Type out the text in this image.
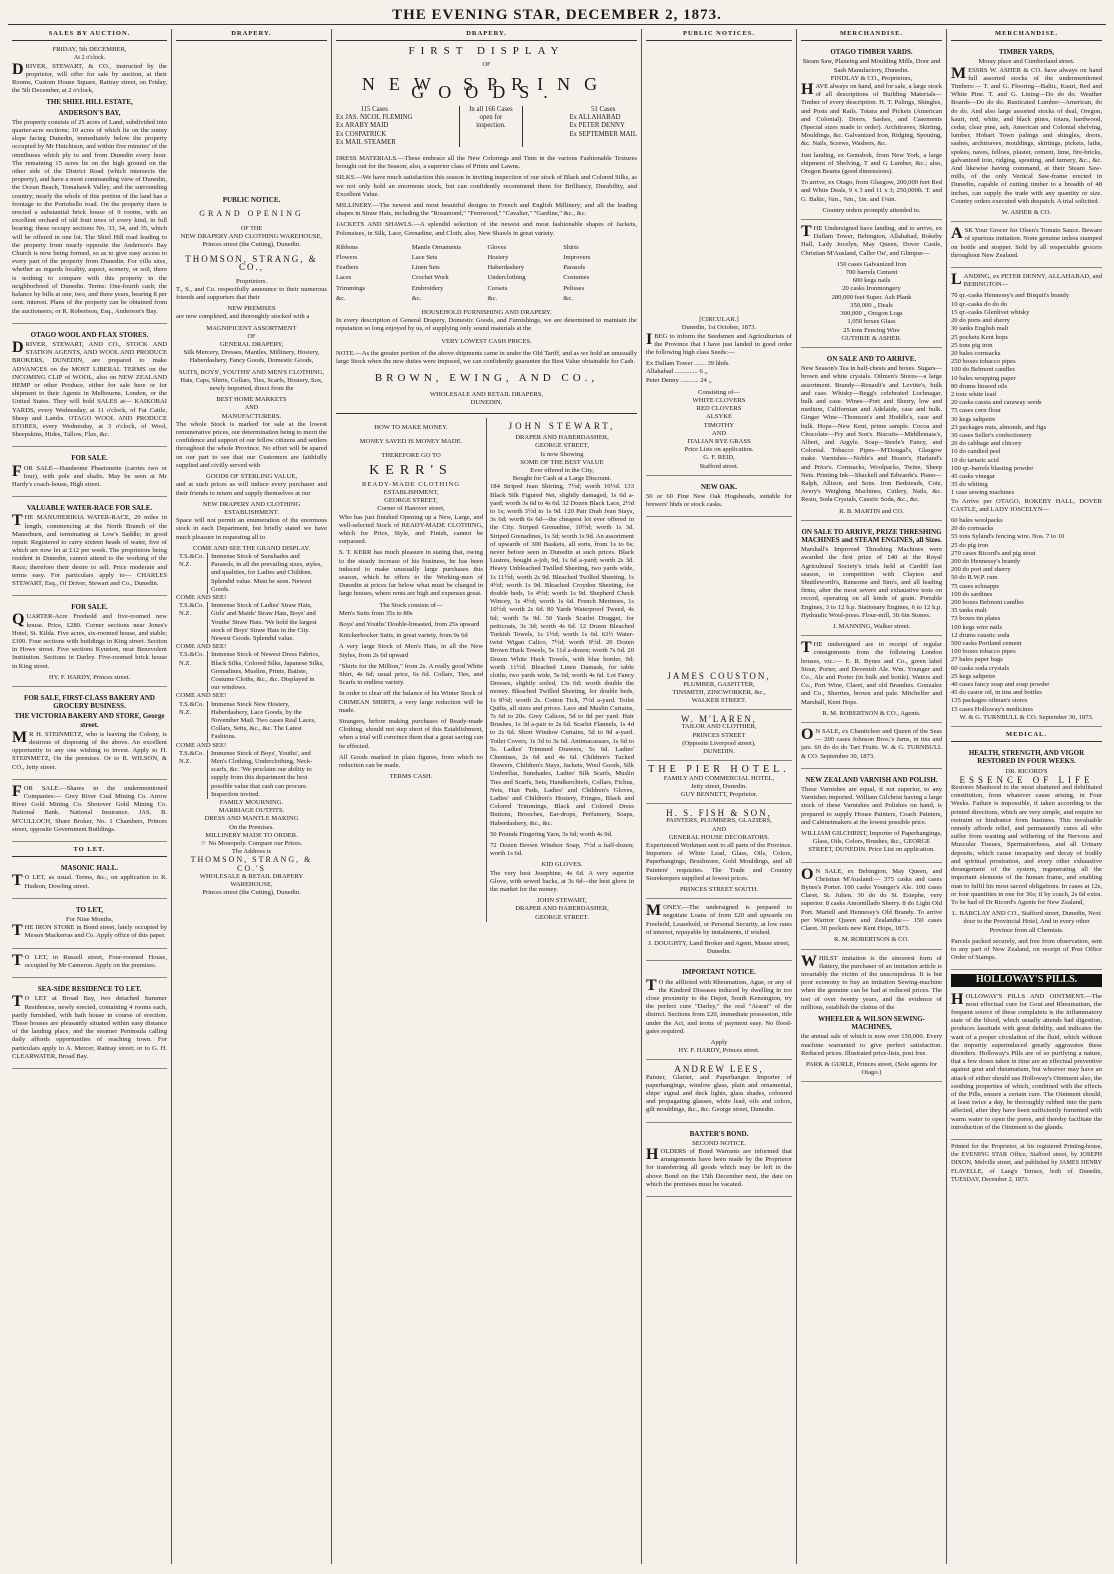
THE EVENING STAR, DECEMBER 2, 1873.
SALES BY AUCTION.
FRIDAY, 5th DECEMBER,
At 2 o'clock.

DRIVER, STEWART, & CO., instructed by the proprietor, will offer for sale by auction, at their Rooms, Custom House Square, Rattray street, on Friday, the 5th December, at 2 o'clock,

THE SHIEL HILL ESTATE,
ANDERSON'S BAY,

The property consists of 25 acres of Land, subdivided into quarter-acre sections; 10 acres of which lie on the sunny slope facing Dunedin, immediately below the property occupied by Mr Hutchison, and within five minutes' of the omnibuses which ply to and from Dunedin every hour. The remaining 15 acres lie on the high ground on the other side of the District Road (which intersects the property), and have a most commanding view of Dunedin, the Ocean Beach, Tomahawk Valley, and the surrounding country; nearly the whole of this portion of the land has a frontage to the Portobello road. On the property there is erected a substantial brick house of 9 rooms, with an excellent orchard of old fruit trees of every kind, in full bearing; these occupy sections No. 33, 34, and 35, which will be offered in one lot. The Shiel Hill road leading to the property from nearly opposite the Anderson's Bay Church is now being formed, so as to give easy access to every part of the property from Dunedin. For villa sites, whether as regards locality, aspect, scenery, or soil, there is nothing to compare with this property in the neighborhood of Dunedin. Terms: One-fourth cash; the balance by bills at one, two, and three years, bearing 8 per cent. interest. Plans of the property can be obtained from the auctioneers; or R. Robertson, Esq., Anderson's Bay.

OTAGO WOOL AND FLAX STORES.

DRIVER, STEWART, AND CO., STOCK AND STATION AGENTS, AND WOOL AND PRODUCE BROKERS, DUNEDIN, are prepared to make ADVANCES on the MOST LIBERAL TERMS on the INCOMING CLIP of WOOL, also on NEW ZEALAND HEMP or other Produce, either for sale here or for shipment to their Agents in Melbourne, London, or the United States. They will hold SALES at— KAIKORAI YARDS, every Wednesday, at 11 o'clock, of Fat Cattle, Sheep and Lambs. OTAGO WOOL AND PRODUCE STORES, every Wednesday, at 3 o'clock, of Wool, Sheepskins, Hides, Tallow, Flax, &c.

FOR SALE.

FOR SALE—Handsome Phaetonette (carries two or four), with pole and shafts. May be seen at Mr Hardy's coach-house, High street.

VALUABLE WATER-RACE FOR SALE.

THE MANUHERIKIA WATER-RACE, 20 miles in length, commencing at the North Branch of the Manorburn, and terminating at Low's Saddle; in good repair. Registered to carry sixteen heads of water, five of which are now let at £12 per week. The proprietors being resident in Dunedin, cannot attend to the working of the Race; therefore their desire to sell. Price moderate and terms easy. For particulars apply to— CHARLES STEWART, Esq., Of Driver, Stewart and Co., Dunedin.

FOR SALE.

QUARTER-Acre Freehold and five-roomed new house. Price, £280. Corner sections near Jones's Hotel, St. Kilda. Five acres, six-roomed house, and stable; £300. Four sections with buildings in King street. Section in Howe street. Five sections Kyneton, near Benevolent Institution. Sections in Darley. Five-roomed brick house in King street.

HY. F. HARDY, Princes street.
FOR SALE, FIRST-CLASS BAKERY AND GROCERY BUSINESS.
THE VICTORIA BAKERY AND STORE, George street.

MR H. STEINMETZ, who is leaving the Colony, is desirous of disposing of the above. An excellent opportunity to any one wishing to invest. Apply to H. STEINMETZ, On the premises. Or to R. WILSON, & CO., Jetty street.

FOR SALE.—Shares in the undermentioned Companies:— Grey River Coal Mining Co. Arrow River Gold Mining Co. Shotover Gold Mining Co. National Bank. National Insurance. JAS. B. M'CULLOCH, Share Broker, No. 1 Chambers, Princes street, opposite Government Buildings.

TO LET.
MASONIC HALL.

TO LET, as usual. Terms, &c., on application to R. Hudson, Dowling street.

TO LET,
For Nine Months,

THE IRON STORE in Bond street, lately occupied by Messrs Mackerras and Co. Apply office of this paper.

TO LET, in Russell street, Four-roomed House, occupied by Mr Cameron. Apply on the premises.

SEA-SIDE RESIDENCE TO LET.

TO LET at Broad Bay, two detached Summer Residences, newly erected, containing 4 rooms each, partly furnished, with bath house in course of erection. These houses are pleasantly situated within easy distance of the landing place, and the steamer Peninsula calling daily affords opportunities of reaching town. For particulars apply to A. Mercer, Rattray street; or to G. H. CLEARWATER, Broad Bay.

DRAPERY.
PUBLIC NOTICE.
GRAND OPENING
OF THE
NEW DRAPERY AND CLOTHING WAREHOUSE,
Princes street (the Cutting), Dunedin.
THOMSON, STRANG, & CO.,
Proprietors.

T., S., and Co. respectfully announce to their numerous friends and supporters that their

NEW PREMISES

are now completed, and thoroughly stocked with a

MAGNIFICENT ASSORTMENT
OF
GENERAL DRAPERY,

Silk Mercery, Dresses, Mantles, Millinery, Hosiery, Haberdashery, Fancy Goods, Domestic Goods,

SUITS, BOYS', YOUTHS' AND MEN'S CLOTHING,

Hats, Caps, Shirts, Collars, Ties, Scarfs, Hosiery, Sox, newly imported, direct from the

BEST HOME MARKETS
AND
MANUFACTURERS.

The whole Stock is marked for sale at the lowest remunerative prices, our determination being to merit the confidence and support of our fellow citizens and settlers throughout the whole Province. No effort will be spared on our part to see that our Customers are faithfully supplied and civilly served with

GOODS OF STERLING VALUE,

and at such prices as will induce every purchaser and their friends to return and supply themselves at our

NEW DRAPERY AND CLOTHING ESTABLISHMENT.

Space will not permit an enumeration of the enormous stock in each Department, but briefly stated we have much pleasure in requesting all to

COME AND SEE THE GRAND DISPLAY.
T.S.&Co. N.Z.
Immense Stock of Sunshades and Parasols, in all the prevailing sizes, styles, and qualities, for Ladies and Children. Splendid value. Must be seen. Newest Goods.
COME AND SEE!
T.S.&Co. N.Z.
Immense Stock of Ladies' Straw Hats, Girls' and Maids' Straw Hats, Boys' and Youths' Straw Hats. 'We hold the largest stock of Boys' Straw Hats in the City. Newest Goods. Splendid value.
COME AND SEE!
T.S.&Co. N.Z.
Immense Stock of Newest Dress Fabrics, Black Silks, Colored Silks, Japanese Silks, Grenadines, Muslins, Prints, Batiste, Costume Cloths, &c., &c. Displayed in our windows.
COME AND SEE!
T.S.&Co. N.Z.
Immense Stock New Hosiery, Haberdashery, Lace Goods, by the November Mail. Two cases Real Laces, Collars, Setts, &c., &c. The Latest Fashions.
COME AND SEE!
T.S.&Co. N.Z.
Immense Stock of Boys', Youths', and Men's Clothing, Underclothing, Neck-scarfs, &c. 'We proclaim our ability to supply from this department the best possible value that cash can procure. Inspection invited.
FAMILY MOURNING.
MARRIAGE OUTFITS.
DRESS AND MANTLE MAKING
On the Premises.
MILLINERY MADE TO ORDER.
☞ No Monopoly. Compare our Prices.
The Address is
THOMSON, STRANG, & CO.'S
WHOLESALE & RETAIL DRAPERY
WAREHOUSE,
Princes street (the Cutting), Dunedin.
DRAPERY.
FIRST DISPLAY
OF
NEW SPRING GOODS.
115 Cases
Ex JAS. NICOL FLEMING
Ex ARABY MAID
Ex COSPATRICK
Ex MAIL STEAMER
In all 166 Cases open for inspection.
51 Cases
Ex ALLAHABAD
Ex PETER DENNY
Ex SEPTEMBER MAIL

DRESS MATERIALS.—These embrace all the New Colorings and Tints in the various Fashionable Textures brought out for the Season; also, a superior class of Prints and Lawns.

SILKS.—We have much satisfaction this season in inviting inspection of our stock of Black and Colored Silks, as we not only hold an enormous stock, but can confidently recommend them for Brilliancy, Durability, and Excellent Value.

MILLINERY.—The newest and most beautiful designs in French and English Millinery; and all the leading shapes in Straw Hats, including the "Rosamond," "Fernwood," "Cavalier," "Gardine," &c., &c.

JACKETS AND SHAWLS.—A splendid selection of the newest and most fashionable shapes of Jackets, Polonaises, in Silk, Lace, Grenadine, and Cloth; also, New Shawls in great variety.

Ribbons	Mantle Ornaments	Gloves	Shirts
Flowers	Lace Sets	Hosiery	Improvers
Feathers	Linen Sets	Haberdashery	Parasols
Laces	Crochet Work	Underclothing	Costumes
Trimmings	Embroidery	Corsets	Pelisses
&c.	&c.	&c.	&c.
HOUSEHOLD FURNISHING AND DRAPERY.

In every description of General Drapery, Domestic Goods, and Furnishings, we are determined to maintain the reputation so long enjoyed by us, of supplying only sound materials at the

VERY LOWEST CASH PRICES.

NOTE.—As the greater portion of the above shipments came in under the Old Tariff, and as we hold an unusually large Stock when the new duties were imposed, we can confidently guarantee the Best Value obtainable for Cash.

BROWN, EWING, AND CO.,
WHOLESALE AND RETAIL DRAPERS,
DUNEDIN.
HOW TO MAKE MONEY.
MONEY SAVED IS MONEY MADE.
THEREFORE GO TO
KERR'S
READY-MADE CLOTHING
ESTABLISHMENT,
GEORGE STREET,
Corner of Hanover street,

Who has just finished Opening up a New, Large, and well-selected Stock of READY-MADE CLOTHING, which for Price, Style, and Finish, cannot be surpassed.

S. T. KERR has much pleasure in stating that, owing to the steady increase of his business, he has been induced to make unusually large purchases this season, which he offers to the Working-men of Dunedin at prices far below what must be charged in large houses, where rents are high and expenses great.

The Stock consists of—

Men's Suits from 35s to 80s

Boys' and Youths' Double-breasted, from 25s upward

Knickerbocker Suits, in great variety, from 9s 6d

A very large Stock of Men's Hats, in all the New Styles, from 2s 6d upward

"Shirts for the Million," from 2s. A really good White Shirt, 4s 6d; usual price, 6s 6d. Collars, Ties, and Scarfs in endless variety.

In order to clear off the balance of his Winter Stock of CRIMEAN SHIRTS, a very large reduction will be made.

Strangers, before making purchases of Ready-made Clothing, should not step short of this Establishment, when a trial will convince them that a great saving can be effected.

All Goods marked in plain figures, from which no reduction can be made.

TERMS CASH.
JOHN STEWART,
DRAPER AND HABERDASHER,
GEORGE STREET,
Is now Showing
SOME OF THE BEST VALUE
Ever offered in the City,
Bought for Cash at a Large Discount.

184 Striped Jean Shirting, 7½d; worth 10½d. 133 Black Silk Figured Net, slightly damaged, 1s 6d a-yard; worth 3s 6d to 4s 6d. 32 Dozen Black Lace, 2½d to 1s; worth 3½d to 1s 9d. 120 Pair Drab Jean Stays, 3s 6d; worth 6s 6d—the cheapest lot ever offered in the City. Striped Grenadine, 10½d; worth 1s 3d. Striped Grenadines, 1s 3d; worth 1s 9d. An assortment of upwards of 300 Baskets, all sorts, from 1s to 6s; never before seen in Dunedin at such prices. Black Lustres, bought a-job, 9d, 1s 6d a-yard; worth 2s 3d. Heavy Unbleached Twilled Sheeting, two yards wide, 1s 11½d; worth 2s 9d. Bleached Twilled Sheeting, 1s 4½d; worth 1s 9d. Bleached Croydon Sheeting, for double beds, 1s 4½d; worth 1s 9d. Shepherd Check Wincey, 1s 4½d; worth 1s 6d. French Merinoes, 1s 10½d; worth 2s 6d. 80 Yards Waterproof Tweed, 4s 6d; worth 5s 9d. 50 Yards Scarlet Drugget, for petticoats, 3s 3d; worth 4s 6d. 12 Dozen Bleached Turkish Towels, 1s 1½d; worth 1s 6d. 63½ Water-twist Wigan Calico, 7½d; worth 9½d. 20 Dozen Brown Huck Towels, 5s 11d a-dozen; worth 7s 6d. 20 Dozen White Huck Towels, with blue border, 9d; worth 11½d. Bleached Linen Damask, for table cloths, two yards wide, 5s 6d; worth 4s 6d. Lot Fancy Dresses, slightly soiled, 13s 6d; worth double the money. Bleached Twilled Sheeting, for double beds, 1s 8½d; worth 2s. Cotton Tick, 7½d a-yard. Toilet Quilts, all sizes and prices. Lace and Muslin Curtains, 7s 6d to 20s. Grey Calicos, 5d to 8d per yard. Hair Brushes, 1s 3d a-pair to 2s 6d. Scarlet Flannels, 1s 4d to 2s 6d. Short Window Curtains, 5d to 9d a-yard. Toilet Covers, 1s 3d to 3s 6d. Antimacassars, 1s 6d to 5s. Ladies' Trimmed Drawers, 5s 6d. Ladies' Chemises, 2s 6d and 4s 6d. Children's Tucked Drawers, Children's Stays, Jackets, Wool Goods, Silk Umbrellas, Sunshades, Ladies' Silk Scarfs, Muslin Ties and Scarfs, Sets, Handkerchiefs, Collars, Fichus, Nets, Hair Pads, Ladies' and Children's Gloves, Ladies' and Children's Hosiery, Fringes, Black and Colored Trimmings, Black and Colored Dress Buttons, Brooches, Ear-drops, Perfumery, Soaps, Haberdashery, &c., &c.

50 Pounds Fingering Yarn, 3s 6d; worth 4s 9d.

72 Dozen Brown Windsor Soap, 7½d a half-dozen; worth 1s 6d.

KID GLOVES.

The very best Josephine, 4s 6d. A very superior Glove, with sewed backs, at 3s 6d—the best glove in the market for the money.

JOHN STEWART,
DRAPER AND HABERDASHER,
GEORGE STREET.
PUBLIC NOTICES.
[CIRCULAR.]
Dunedin, 1st October, 1873.

IBEG to inform the Seedsmen and Agriculturists of the Province that I have just landed in good order the following high class Seeds:—

Ex Dallam Tower ....... 39 hhds.
Allahabad .............. 6 ,,
Peter Denny ........... 24 ,,
Consisting of—
WHITE CLOVERS
RED CLOVERS
ALSYKE
TIMOTHY
AND
ITALIAN RYE GRASS
Price Lists on application.
G. F. REID,
Stafford street.
NEW OAK.

50 or 60 Fine New Oak Hogsheads, suitable for brewers' hhds or stock casks.

JAMES COUSTON,
PLUMBER, GASFITTER,
TINSMITH, ZINCWORKER, &c.,
WALKER STREET.
W. M'LAREN,
TAILOR AND CLOTHIER,
PRINCES STREET
(Opposite Liverpool street),
DUNEDIN.
THE PIER HOTEL.
FAMILY AND COMMERCIAL HOTEL,
Jetty street, Dunedin.
GUY BENNETT, Proprietor.
H. S. FISH & SON,
PAINTERS, PLUMBERS, GLAZIERS,
AND
GENERAL HOUSE DECORATORS.

Experienced Workmen sent to all parts of the Province. Importers of White Lead, Glass, Oils, Colors, Paperhangings, Brushware, Gold Mouldings, and all Painters' requisites. The Trade and Country Storekeepers supplied at lowest prices.

PRINCES STREET SOUTH.

MONEY.—The undersigned is prepared to negotiate Loans of from £20 and upwards on Freehold, Leasehold, or Personal Security, at low rates of interest, repayable by instalments, if wished.

J. DOUGHTY, Land Broker and Agent, Manse street, Dunedin.
IMPORTANT NOTICE.

TO the afflicted with Rheumatism, Ague, or any of the Kindred Diseases induced by dwelling in too close proximity to the Depot, South Kensington, try the perfect cure "Darley," the real "Ararat" of the district. Sections from £20, immediate possession, title under the Act, and terms of payment easy. No flood-gates required.

Apply
HY. F. HARDY, Princes street.
ANDREW LEES,

Painter, Glazier, and Paperhanger. Importer of paperhangings, window glass, plain and ornamental, ships' signal and deck lights, glass shades, coloured and propagating glasses, white lead, oils and colors, gilt mouldings, &c., &c. George street, Dunedin.

BAXTER'S BOND.
SECOND NOTICE.

HOLDERS of Bond Warrants are informed that arrangements have been made by the Proprietor for transferring all goods which may be left in the above Bond on the 15th December next, the date on which the premises must be vacated.

MERCHANDISE.
OTAGO TIMBER YARDS.
Steam Saw, Planeing and Moulding Mills, Door and Sash Manufactory, Dunedin.
FINDLAY & CO., Proprietors,

HAVE always on hand, and for sale, a large stock of all descriptions of Building Materials— Timber of every description. H. T. Palings, Shingles, and Posts and Rails. Totara and Pickets (American and Colonial). Doors, Sashes, and Casements (Special sizes made to order). Architraves, Skirting, Mouldings, &c. Galvanized Iron, Ridging, Spouting, &c. Nails, Screws, Washers, &c.

Just landing, ex Gemsbok, from New York, a large shipment of Shelving, T and G Lumber, &c.; also, Oregon Beams (good dimensions).

To arrive, ex Otago, from Glasgow, 200,000 feet Red and White Deals, 9 x 3 and 11 x 3; 250,000ft. T. and G. Baltic, ¾in., ⅞in., 1in. and 1¼in.

Country orders promptly attended to.

THE Undersigned have landing, and to arrive, ex Dallam Tower, Bebington, Allahabad, Rokeby Hall, Lady Jocelyn, May Queen, Dover Castle, Christian M'Ausland, Caller Ou', and Glimpse—

150 cases Galvanized Iron
700 barrels Cement
600 kegs nails
20 casks Ironmongery
280,000 feet Super. Ash Plank
350,000 „ Deals
300,000 „ Oregon Logs
1,050 boxes Glass
25 tons Fencing Wire
GUTHRIE & ASHER.
ON SALE AND TO ARRIVE.

New Season's Tea in half-chests and boxes. Sugars—brown and white crystals. Oilmen's Stores—a large assortment. Brandy—Renault's and Levitte's, bulk and case. Whisky—Begg's celebrated Lochnagar, bulk and case. Wines—Port and Sherry, low and medium, Californian and Adelaide, case and bulk. Ginger Wine—Thomson's and Hoddle's, case and bulk. Hops—New Kent, prime sample. Cocoa and Chocolate—Fry and Son's. Biscuits—Middlemass's, Albert, and Argyle. Soap—Steele's Fancy, and Colonial. Tobacco Pipes—M'Dougal's, Glasgow make. Varnishes—Noble's and Hoare's, Harland's and Price's. Cornsacks, Woolpacks, Twine, Sheep Nets. Printing Ink—Shackell and Edwards's. Piano—Ralph, Allison, and Sons. Iron Bedsteads, Cots, Avery's Weighing Machines, Cutlery, Nails, &c. Resin, Soda Crystals, Caustic Soda, &c., &c.

R. B. MARTIN and CO.
ON SALE TO ARRIVE, PRIZE THRESHING MACHINES and STEAM ENGINES, all Sizes.

Marshall's Improved Threshing Machines were awarded the first prize of £40 at the Royal Agricultural Society's trials held at Cardiff last season, in competition with Clayton and Shuttleworth's, Ransome and Sim's, and all leading firms, after the most severe and exhaustive tests on record, operating on all kinds of grain. Portable Engines, 3 to 12 h.p. Stationary Engines, 6 to 12 h.p. Hydraulic Wool-press. Flour-mill, 3ft 6in Stones.

J. MANNING, Walker street.

THE undersigned are in receipt of regular consignments from the following London houses, viz.:— E. R. Bynes and Co., green label Stout, Porter, and Devenish Ale. Wm. Younger and Co., Ale and Porter (in bulk and bottle). Waters and Co., Port Wine, Claret, and old Brandies. Gonzalez and Co., Sherries, brown and pale. Mitchelfer and Marshall, Kent Hops.

R. M. ROBERTSON & CO., Agents.

ON SALE, ex Chanticleer and Queen of the Seas— 200 cases Johnson Bros.'s Jams, in tins and jars. 60 do do do Tart Fruits. W. & G. TURNBULL & CO. September 30, 1873.

NEW ZEALAND VARNISH AND POLISH.

These Varnishes are equal, if not superior, to any Varnishes imported. William Gilchrist having a large stock of these Varnishes and Polishes on hand, is prepared to supply House Painters, Coach Painters, and Cabinetmakers at the lowest possible price.

WILLIAM GILCHRIST, Importer of Paperhangings, Glass, Oils, Colors, Brushes, &c., GEORGE STREET, DUNEDIN. Price List on application.

ON SALE, ex Bebington, May Queen, and Christian M'Ausland:— 375 casks and cases Bynes's Porter. 100 casks Younger's Ale. 100 cases Claret, St. Julien. 30 do do St. Estephe, very superior. 8 casks Amontillado Sherry. 8 do Light Old Port. Martell and Hennessy's Old Brandy. To arrive per Warrior Queen and Zealandia:— 150 cases Claret. 30 pockets new Kent Hops, 1873.

R. M. ROBERTSON & CO.

WHILST imitation is the sincerest form of flattery, the purchaser of an imitation article is invariably the victim of the unscrupulous. It is but poor economy to buy an imitation Sewing-machine when the genuine can be had at reduced prices. The test of over twenty years, and the evidence of millions, establish the claims of the

WHEELER & WILSON SEWING-MACHINES,

the annual sale of which is now over 150,000. Every machine warranted to give perfect satisfaction. Reduced prices. Illustrated price-lists, post free.

PARK & GURLE, Princes street, (Sole agents for Otago.)
MERCHANDISE.
TIMBER YARDS,
Moray place and Cumberland street.

MESSRS W. ASHER & CO. have always on hand full assorted stocks of the undermentioned Timbers:— T. and G. Flooring—Baltic, Kauri, Red and White Pine. T. and G. Lining—Do do do. Weather Boards—Do do do. Rusticated Lumber—American, do do do. And also large assorted stocks of deal, Oregon, kauri, red, white, and black pines, totara, hardwood, cedar, clear pine, ash, American and Colonial shelving, lumber, Hobart Town palings and shingles, doors, sashes, architraves, mouldings, skirtings, pickets, laths, spokes, naves, felloes, plaster, cement, lime, fire-bricks, galvanized iron, ridging, spouting, and turnery, &c., &c. And likewise having command, at their Steam Saw-mills, of the only Vertical Saw-frame erected in Dunedin, capable of cutting timber to a breadth of 48 inches, can supply the trade with any quantity or size. Country orders executed with despatch. A trial solicited.

W. ASHER & CO.

ASK Your Grocer for Olsen's Tomato Sauce. Beware of spurious imitation. None genuine unless stamped on bottle and stopper. Sold by all respectable grocers throughout New Zealand.

LANDING, ex PETER DENNY, ALLAHABAD, and BEBINGTON—

70 qr.-casks Hennessy's and Bisquit's brandy
10 qr.-casks do do do
15 qr.-casks Glenlivet whisky
20 do ports and sherry
30 tanks English malt
25 pockets Kent hops
25 tons pig iron
20 bales cornsacks
250 boxes tobacco pipes
100 do Belmont candles
10 bales wrapping paper
80 drums linseed oils
2 tons white lead
20 casks cassia and caraway seeds
75 cases corn flour
30 kegs saltpetre
23 packages nuts, almonds, and figs
30 cases Seller's confectionery
20 do cabbage and chicory
10 do candied peel
10 do tartaric acid
100 qr.-barrels blasting powder
45 casks vinegar
35 do whiting
1 case sewing machines

To Arrive per OTAGO, ROKEBY HALL, DOVER CASTLE, and LADY JOSCELYN—

60 bales woolpacks
20 do cornsacks
55 tons Syland's fencing wire. Nos. 7 to 10
25 do pig iron
270 cases Bicord's and pig stout
200 do Hennessy's brandy
200 do port and sherry
50 do R.W.P. rum
75 cases schnapps
100 do sardines
200 boxes Belmont candles
35 tanks malt
73 boxes tin plates
100 kegs wire nails
12 drums caustic soda
500 casks Portland cement
100 boxes tobacco pipes
27 bales paper bags
60 casks soda crystals
25 kegs saltpetre
40 cases fancy soap and soap powder
45 do castor oil, in tins and bottles
135 packages oilman's stores
15 cases Holloway's medicines
W. & G. TURNBULL & CO. September 30, 1873.
MEDICAL.
HEALTH, STRENGTH, AND VIGOR RESTORED IN FOUR WEEKS.
DR. RICORD'S
ESSENCE OF LIFE

Restores Manhood to the most shattered and debilitated constitution, from whatever cause arising, in Four Weeks. Failure is impossible, if taken according to the printed directions, which are very simple, and require no restraint or hindrance from business. This invaluable remedy affords relief, and permanently cures all who suffer from wasting and withering of the Nervous and Muscular Tissues, Spermatorrhoea, and all Urinary deposits, which cause incapacity and decay of bodily and spiritual prostration, and every other exhaustive derangement of the system, regenerating all the important elements of the human frame, and enabling man to fulfil his most sacred obligations. In cases at 12s, or four quantities in one for 36s; if by coach, 2s 6d extra. To be had of Dr Ricord's Agents for New Zealand,

L. BARCLAY AND CO., Stafford street, Dunedin, Next door to the Provincial Hotel, And in every other Province from all Chemists.

Parcels packed securely, and free from observation, sent to any part of New Zealand, on receipt of Post Office Order of Stamps.

HOLLOWAY'S PILLS.

HOLLOWAY'S PILLS AND OINTMENT.—The most effectual cure for Gout and Rheumatism, the frequent source of these complaints is the inflammatory state of the blood, which usually attends bad digestion, produces lassitude with great debility, and indicates the want of a proper circulation of the fluid, which without the impurity superinduced greatly aggravates these disorders. Holloway's Pills are of so purifying a nature, that a few doses taken in time are an effectual preventive against gout and rheumatism, but whoever may have an attack of either should use Holloway's Ointment also, the soothing properties of which, combined with the effects of the Pills, ensure a certain cure. The Ointment should, at least twice a day, be thoroughly rubbed into the parts affected, after they have been sufficiently fomented with warm water to open the pores, and thereby facilitate the introduction of the Ointment to the glands.

Printed for the Proprietor, at his registered Printing-house, the EVENING STAR Office, Stafford street, by JOSEPH DIXON, Melville street, and published by JAMES HENRY FLAVELLE, of Lang's Terrace, both of Dunedin, TUESDAY, December 2, 1873.
